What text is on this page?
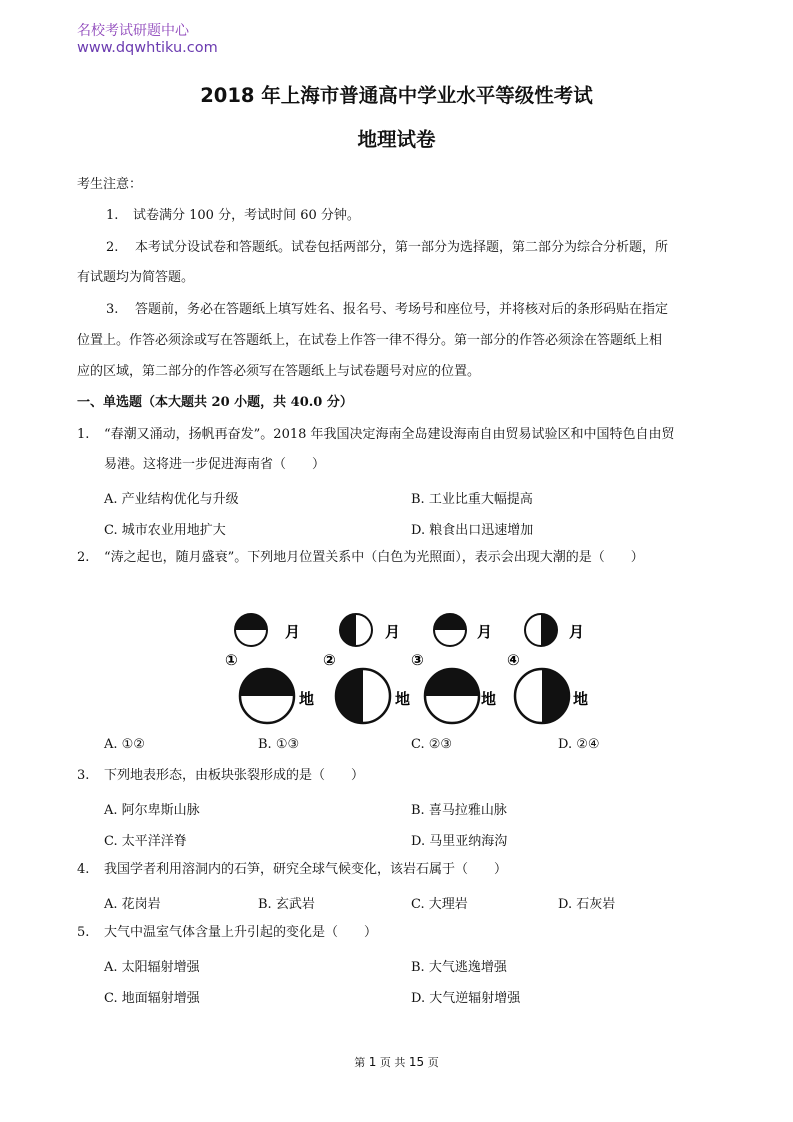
名校考试研题中心
www.dqwhtiku.com
2018 年上海市普通高中学业水平等级性考试
地理试卷
考生注意：
1. 试卷满分 100 分，考试时间 60 分钟。
2. 本考试分设试卷和答题纸。试卷包括两部分，第一部分为选择题，第二部分为综合分析题，所
有试题均为简答题。
3. 答题前，务必在答题纸上填写姓名、报名号、考场号和座位号，并将核对后的条形码贴在指定
位置上。作答必须涂或写在答题纸上，在试卷上作答一律不得分。第一部分的作答必须涂在答题纸上相
应的区域，第二部分的作答必须写在答题纸上与试卷题号对应的位置。
一、单选题（本大题共 20 小题，共 40.0 分）
1. “春潮又涌动，扬帆再奋发”。2018 年我国决定海南全岛建设海南自由贸易试验区和中国特色自由贸
易港。这将进一步促进海南省（　　）
A. 产业结构优化与升级	B. 工业比重大幅提高
C. 城市农业用地扩大	D. 粮食出口迅速增加
2. “涛之起也，随月盛衰”。下列地月位置关系中（白色为光照面），表示会出现大潮的是（　　）
月
①
地
月
②
地
月
③
地
月
④
地
A. ①②	B. ①③	C. ②③	D. ②④
3. 下列地表形态，由板块张裂形成的是（　　）
A. 阿尔卑斯山脉	B. 喜马拉雅山脉
C. 太平洋洋脊	D. 马里亚纳海沟
4. 我国学者利用溶洞内的石笋，研究全球气候变化，该岩石属于（　　）
A. 花岗岩	B. 玄武岩	C. 大理岩	D. 石灰岩
5. 大气中温室气体含量上升引起的变化是（　　）
A. 太阳辐射增强	B. 大气逃逸增强
C. 地面辐射增强	D. 大气逆辐射增强
第 1 页 共 15 页
